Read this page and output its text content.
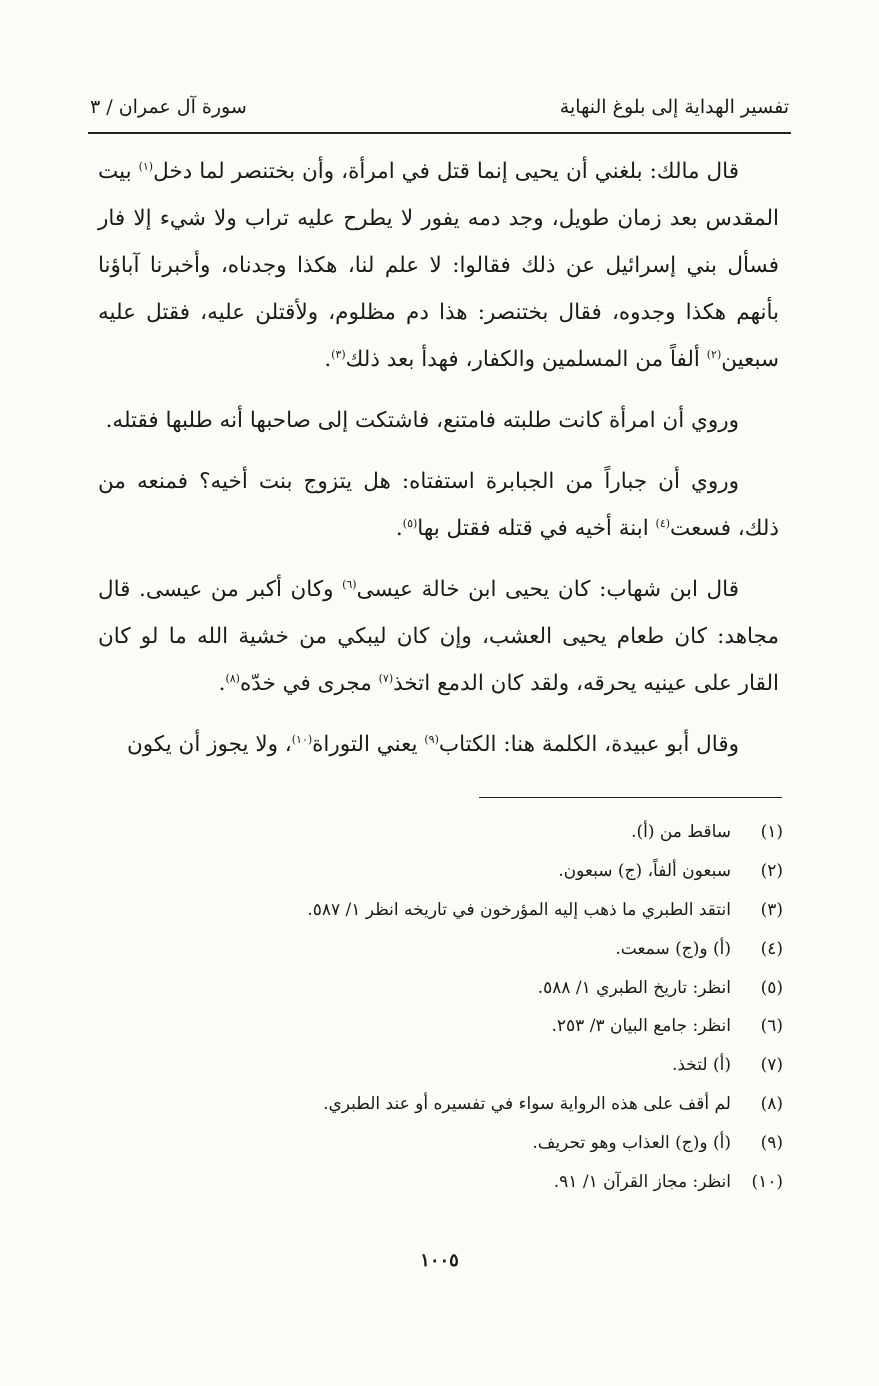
تفسير الهداية إلى بلوغ النهاية
سورة آل عمران / ٣

قال مالك: بلغني أن يحيى إنما قتل في امرأة، وأن بختنصر لما دخل$^{(١)}$ بيت المقدس بعد زمان طويل، وجد دمه يفور لا يطرح عليه تراب ولا شيء إلا فار فسأل بني إسرائيل عن ذلك فقالوا: لا علم لنا، هكذا وجدناه، وأخبرنا آباؤنا بأنهم هكذا وجدوه، فقال بختنصر: هذا دم مظلوم، ولأقتلن عليه، فقتل عليه سبعين$^{(٢)}$ ألفاً من المسلمين والكفار، فهدأ بعد ذلك$^{(٣)}$.

وروي أن امرأة كانت طلبته فامتنع، فاشتكت إلى صاحبها أنه طلبها فقتله.

وروي أن جباراً من الجبابرة استفتاه: هل يتزوج بنت أخيه؟ فمنعه من ذلك، فسعت$^{(٤)}$ ابنة أخيه في قتله فقتل بها$^{(٥)}$.

قال ابن شهاب: كان يحيى ابن خالة عيسى$^{(٦)}$ وكان أكبر من عيسى. قال مجاهد: كان طعام يحيى العشب، وإن كان ليبكي من خشية الله ما لو كان القار على عينيه يحرقه، ولقد كان الدمع اتخذ$^{(٧)}$ مجرى في خدّه$^{(٨)}$.

وقال أبو عبيدة، الكلمة هنا: الكتاب$^{(٩)}$ يعني التوراة$^{(١٠)}$، ولا يجوز أن يكون

(١)
ساقط من (أ).
(٢)
سبعون ألفاً، (ج) سبعون.
(٣)
انتقد الطبري ما ذهب إليه المؤرخون في تاريخه انظر ١/ ٥٨٧.
(٤)
(أ) و(ج) سمعت.
(٥)
انظر: تاريخ الطبري ١/ ٥٨٨.
(٦)
انظر: جامع البيان ٣/ ٢٥٣.
(٧)
(أ) لتخذ.
(٨)
لم أقف على هذه الرواية سواء في تفسيره أو عند الطبري.
(٩)
(أ) و(ج) العذاب وهو تحريف.
(١٠)
انظر: مجاز القرآن ١/ ٩١.
١٠٠٥
